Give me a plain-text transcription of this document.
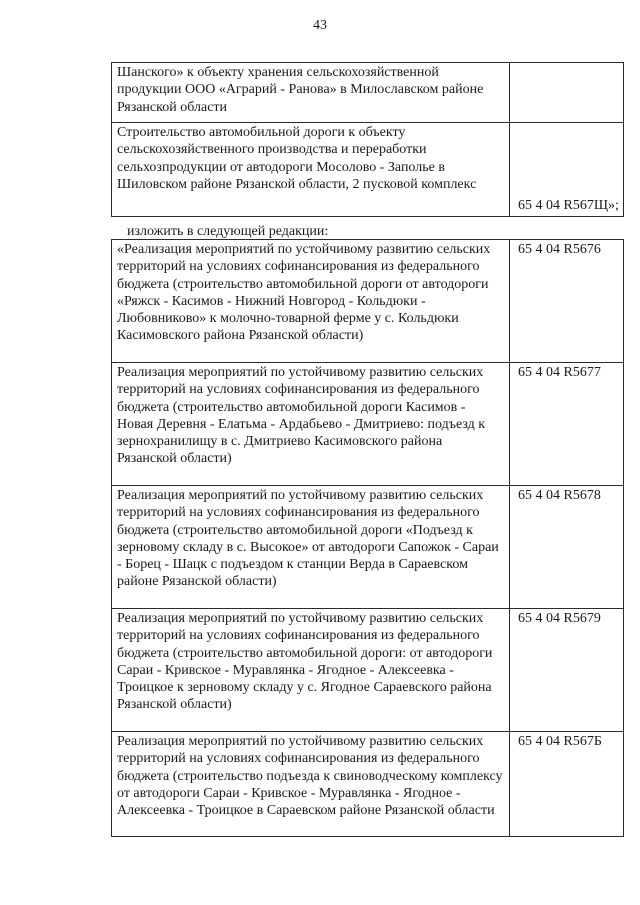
43
Шанского» к объекту хранения сельскохозяйственной продукции ООО «Аграрий - Ранова» в Милославском районе Рязанской области	
Строительство автомобильной дороги к объекту сельскохозяйственного производства и переработки сельхозпродукции от автодороги Мосолово - Заполье в Шиловском районе Рязанской области, 2 пусковой комплекс	65 4 04 R567Щ»;
изложить в следующей редакции:
«Реализация мероприятий по устойчивому развитию сельских территорий на условиях софинансирования из федерального бюджета (строительство автомобильной дороги от автодороги «Ряжск - Касимов - Нижний Новгород - Кольдюки - Любовниково» к молочно-товарной ферме у с. Кольдюки Касимовского района Рязанской области)	65 4 04 R5676
Реализация мероприятий по устойчивому развитию сельских территорий на условиях софинансирования из федерального бюджета (строительство автомобильной дороги Касимов - Новая Деревня - Елатьма - Ардабьево - Дмитриево: подъезд к зернохранилищу в с. Дмитриево Касимовского района Рязанской области)	65 4 04 R5677
Реализация мероприятий по устойчивому развитию сельских территорий на условиях софинансирования из федерального бюджета (строительство автомобильной дороги «Подъезд к зерновому складу в с. Высокое» от автодороги Сапожок - Сараи - Борец - Шацк с подъездом к станции Верда в Сараевском районе Рязанской области)	65 4 04 R5678
Реализация мероприятий по устойчивому развитию сельских территорий на условиях софинансирования из федерального бюджета (строительство автомобильной дороги: от автодороги Сараи - Кривское - Муравлянка - Ягодное - Алексеевка - Троицкое к зерновому складу у с. Ягодное Сараевского района Рязанской области)	65 4 04 R5679
Реализация мероприятий по устойчивому развитию сельских территорий на условиях софинансирования из федерального бюджета (строительство подъезда к свиноводческому комплексу от автодороги Сараи - Кривское - Муравлянка - Ягодное - Алексеевка - Троицкое в Сараевском районе Рязанской области	65 4 04 R567Б
